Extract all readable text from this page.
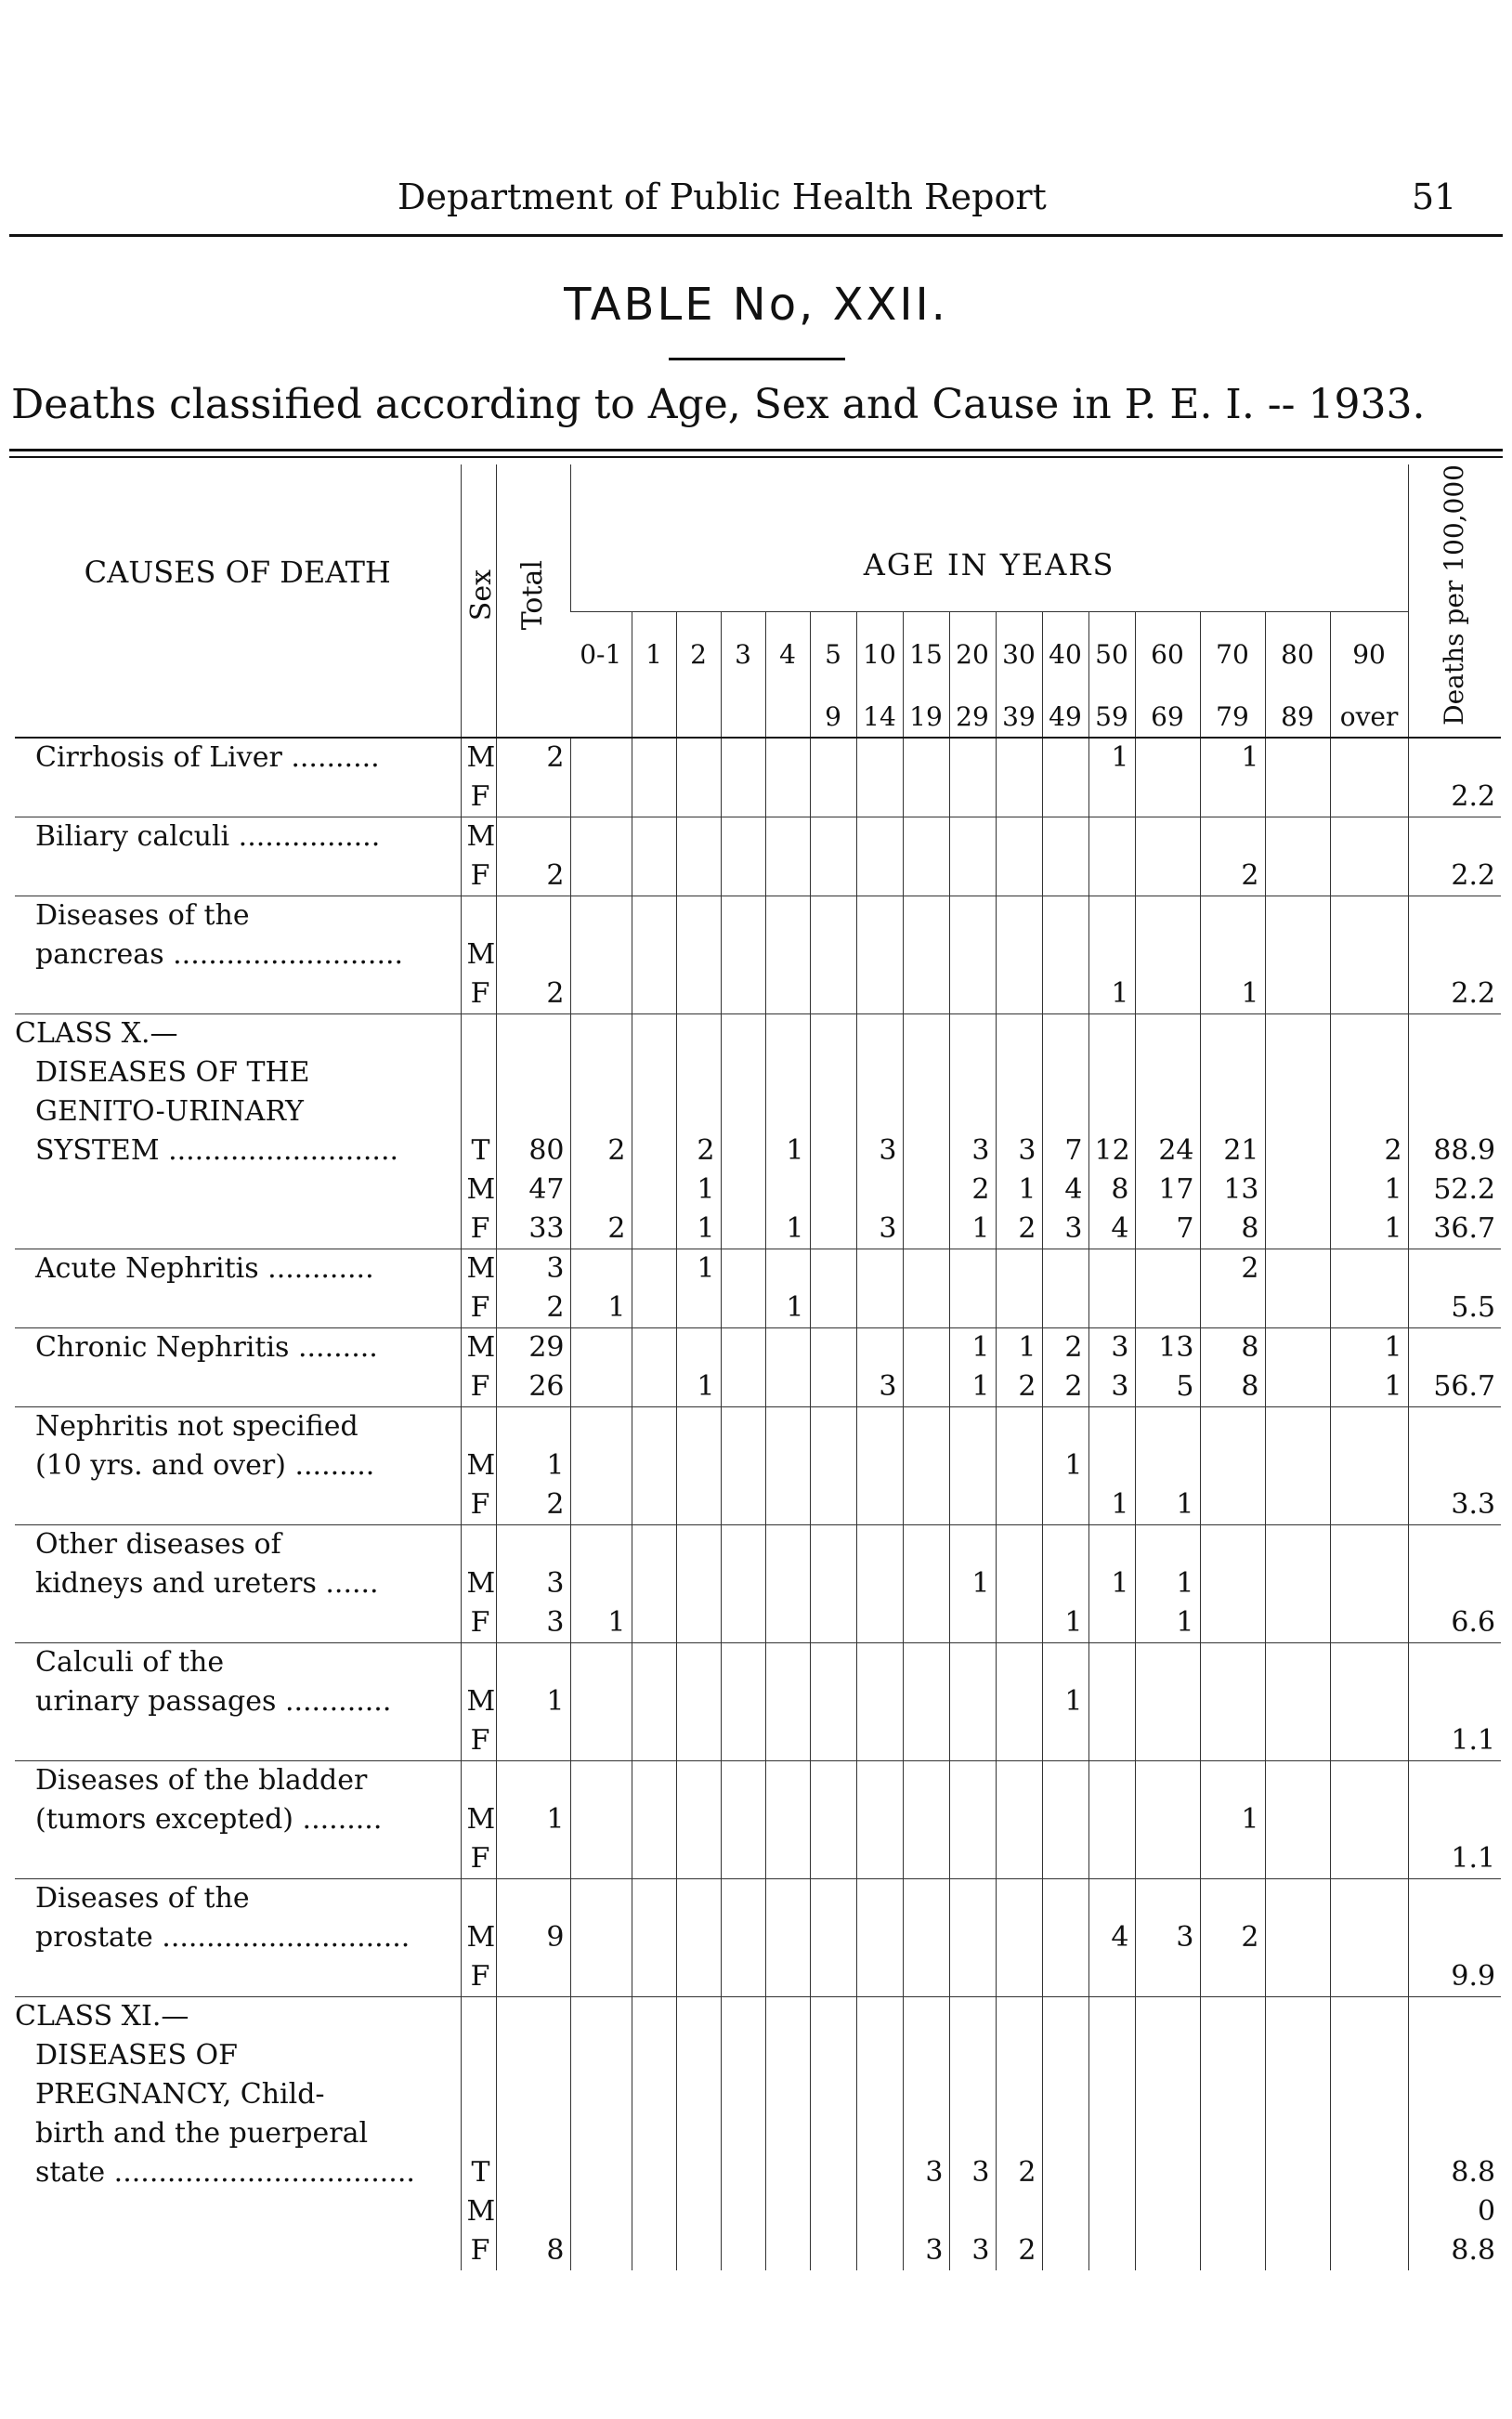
Department of Public Health Report	51
TABLE No, XXII.
Deaths classified according to Age, Sex and Cause in P. E. I. -- 1933.
CAUSES OF DEATH	Sex	Total	AGE IN YEARS																Deaths per 100,000
			0-1	1	2	3	4	5	10	15	20	30	40	50	60	70	80	90	
								9	14	19	29	39	49	59	69	79	89	over	
Cirrhosis of Liver ..........	M	2												1		1			
	F																		2.2
Biliary calculi ................	M																		
	F	2														2			2.2
Diseases of the																			
pancreas ..........................	M																		
	F	2												1		1			2.2
CLASS X.—																			
DISEASES OF THE																			
GENITO-URINARY																			
SYSTEM ..........................	T	80	2		2		1		3		3	3	7	12	24	21		2	88.9
	M	47			1						2	1	4	8	17	13		1	52.2
	F	33	2		1		1		3		1	2	3	4	7	8		1	36.7
Acute Nephritis ............	M	3			1											2			
	F	2	1				1												5.5
Chronic Nephritis .........	M	29									1	1	2	3	13	8		1	
	F	26			1				3		1	2	2	3	5	8		1	56.7
Nephritis not specified																			
(10 yrs. and over) .........	M	1											1						
	F	2												1	1				3.3
Other diseases of																			
kidneys and ureters ......	M	3									1			1	1				
	F	3	1										1		1				6.6
Calculi of the																			
urinary passages ............	M	1											1						
	F																		1.1
Diseases of the bladder																			
(tumors excepted) .........	M	1														1			
	F																		1.1
Diseases of the																			
prostate ............................	M	9												4	3	2			
	F																		9.9
CLASS XI.—																			
DISEASES OF																			
PREGNANCY, Child-																			
birth and the puerperal																			
state ..................................	T									3	3	2							8.8
	M																		0
	F	8								3	3	2							8.8
